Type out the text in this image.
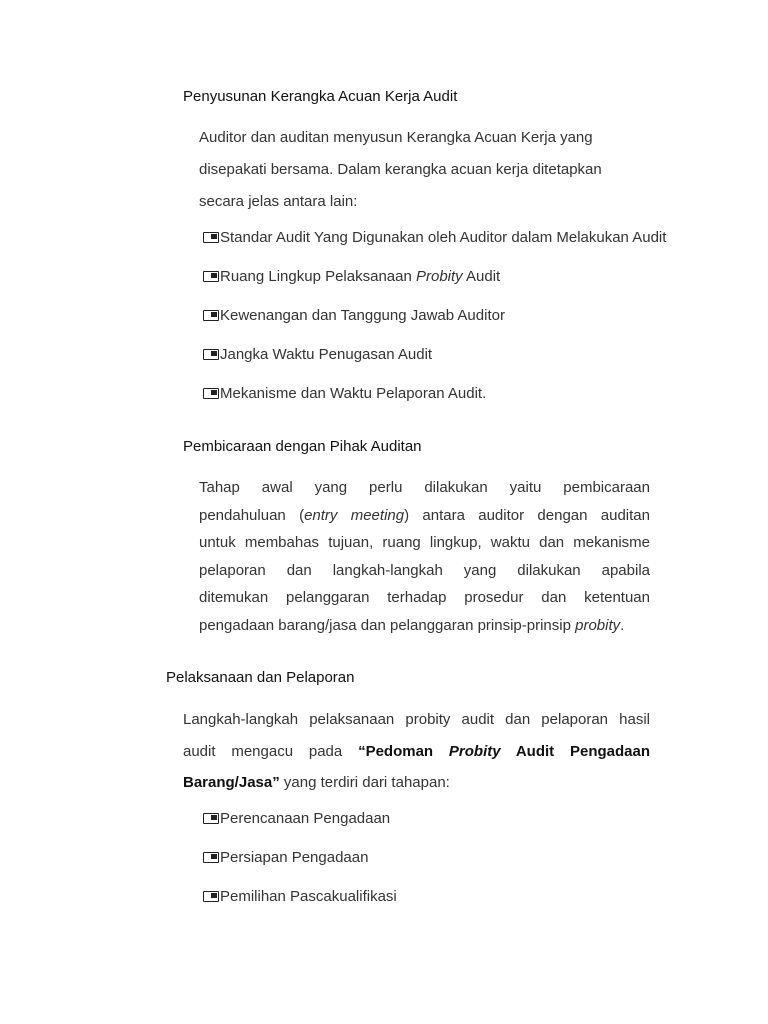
Penyusunan Kerangka Acuan Kerja Audit
Auditor dan auditan menyusun Kerangka Acuan Kerja yang
disepakati bersama. Dalam kerangka acuan kerja ditetapkan
secara jelas antara lain:
Standar Audit Yang Digunakan oleh Auditor dalam Melakukan Audit
Ruang Lingkup Pelaksanaan Probity Audit
Kewenangan dan Tanggung Jawab Auditor
Jangka Waktu Penugasan Audit
Mekanisme dan Waktu Pelaporan Audit.
Pembicaraan dengan Pihak Auditan
Tahap awal yang perlu dilakukan yaitu pembicaraan
pendahuluan (entry meeting) antara auditor dengan auditan
untuk membahas tujuan, ruang lingkup, waktu dan mekanisme
pelaporan dan langkah-langkah yang dilakukan apabila
ditemukan pelanggaran terhadap prosedur dan ketentuan
pengadaan barang/jasa dan pelanggaran prinsip-prinsip probity.
Pelaksanaan dan Pelaporan
Langkah-langkah pelaksanaan probity audit dan pelaporan hasil
audit mengacu pada “Pedoman Probity Audit Pengadaan
Barang/Jasa” yang terdiri dari tahapan:
Perencanaan Pengadaan
Persiapan Pengadaan
Pemilihan Pascakualifikasi
